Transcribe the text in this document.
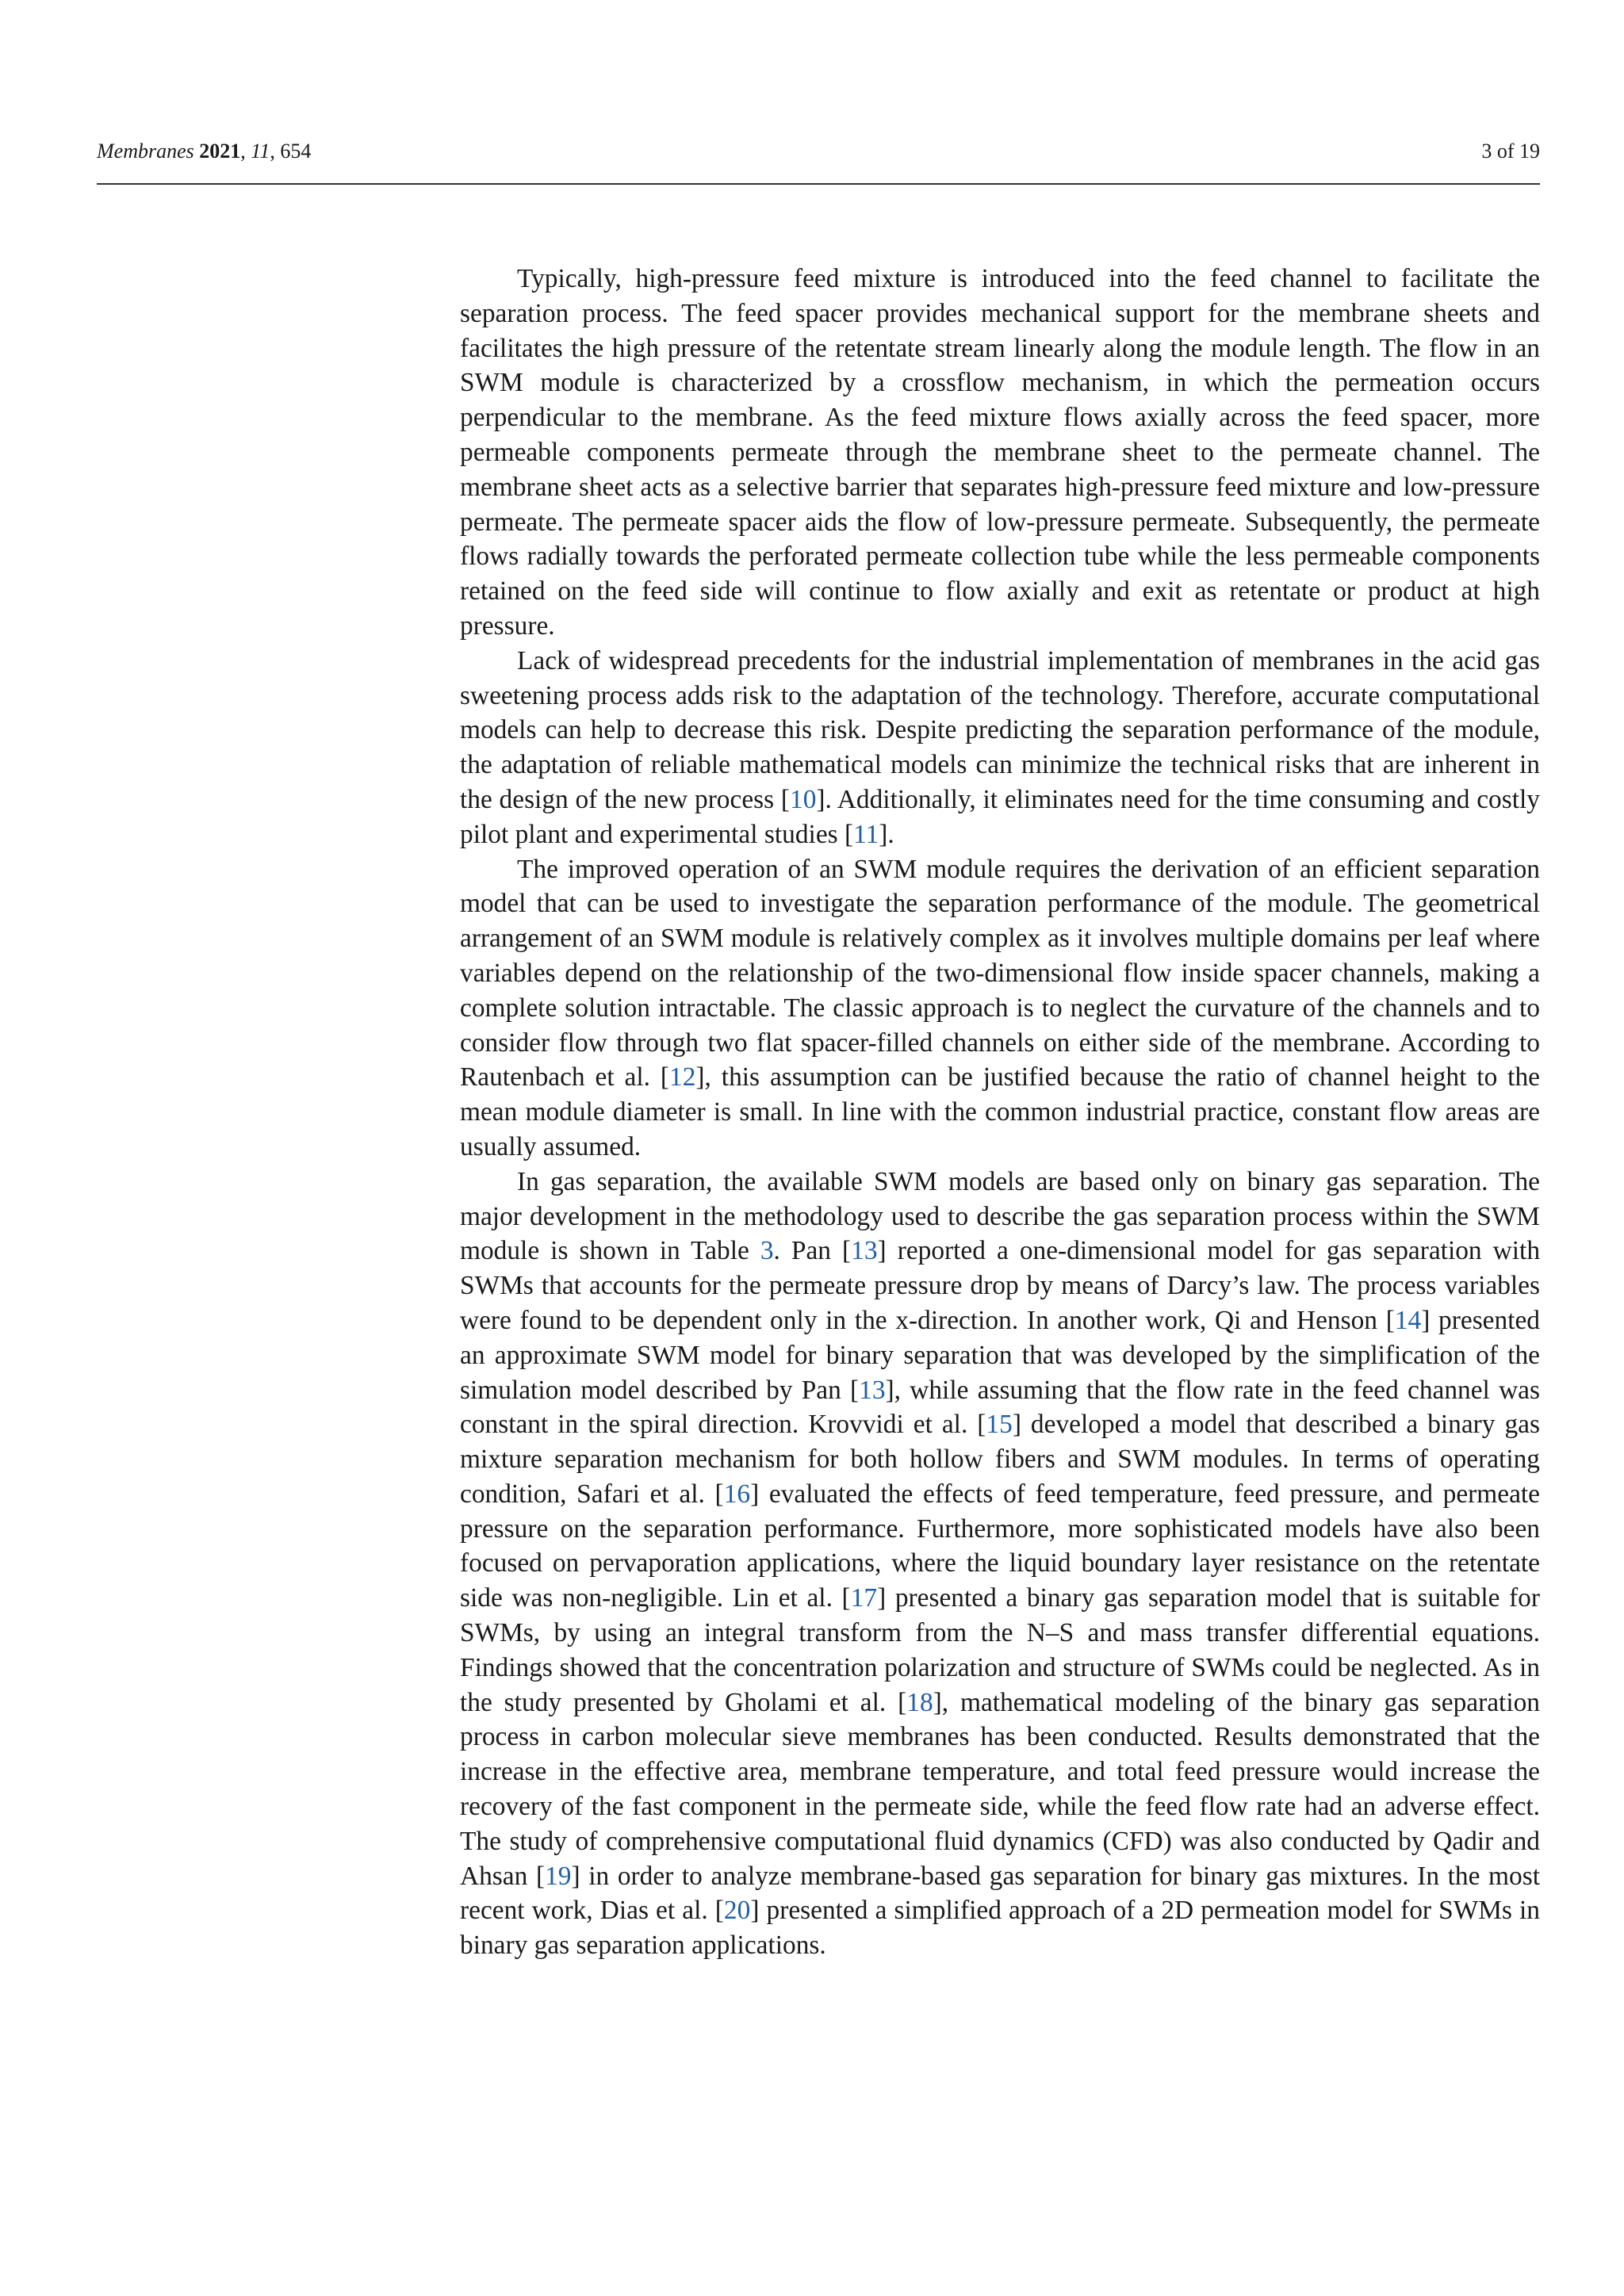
Membranes 2021, 11, 654	3 of 19

Typically, high-pressure feed mixture is introduced into the feed channel to facilitate the separation process. The feed spacer provides mechanical support for the membrane sheets and facilitates the high pressure of the retentate stream linearly along the module length. The flow in an SWM module is characterized by a crossflow mechanism, in which the permeation occurs perpendicular to the membrane. As the feed mixture flows axially across the feed spacer, more permeable components permeate through the membrane sheet to the permeate channel. The membrane sheet acts as a selective barrier that separates high-pressure feed mixture and low-pressure permeate. The permeate spacer aids the flow of low-pressure permeate. Subsequently, the permeate flows radially towards the perforated permeate collection tube while the less permeable components retained on the feed side will continue to flow axially and exit as retentate or product at high pressure.

Lack of widespread precedents for the industrial implementation of membranes in the acid gas sweetening process adds risk to the adaptation of the technology. Therefore, accurate computational models can help to decrease this risk. Despite predicting the separation performance of the module, the adaptation of reliable mathematical models can minimize the technical risks that are inherent in the design of the new process [10]. Additionally, it eliminates need for the time consuming and costly pilot plant and experimental studies [11].

The improved operation of an SWM module requires the derivation of an efficient separation model that can be used to investigate the separation performance of the module. The geometrical arrangement of an SWM module is relatively complex as it involves multiple domains per leaf where variables depend on the relationship of the two-dimensional flow inside spacer channels, making a complete solution intractable. The classic approach is to neglect the curvature of the channels and to consider flow through two flat spacer-filled channels on either side of the membrane. According to Rautenbach et al. [12], this assumption can be justified because the ratio of channel height to the mean module diameter is small. In line with the common industrial practice, constant flow areas are usually assumed.

In gas separation, the available SWM models are based only on binary gas separation. The major development in the methodology used to describe the gas separation process within the SWM module is shown in Table 3. Pan [13] reported a one-dimensional model for gas separation with SWMs that accounts for the permeate pressure drop by means of Darcy’s law. The process variables were found to be dependent only in the x-direction. In another work, Qi and Henson [14] presented an approximate SWM model for binary separation that was developed by the simplification of the simulation model described by Pan [13], while assuming that the flow rate in the feed channel was constant in the spiral direction. Krovvidi et al. [15] developed a model that described a binary gas mixture separation mechanism for both hollow fibers and SWM modules. In terms of operating condition, Safari et al. [16] evaluated the effects of feed temperature, feed pressure, and permeate pressure on the separation performance. Furthermore, more sophisticated models have also been focused on pervaporation applications, where the liquid boundary layer resistance on the retentate side was non-negligible. Lin et al. [17] presented a binary gas separation model that is suitable for SWMs, by using an integral transform from the N–S and mass transfer differential equations. Findings showed that the concentration polarization and structure of SWMs could be neglected. As in the study presented by Gholami et al. [18], mathematical modeling of the binary gas separation process in carbon molecular sieve membranes has been conducted. Results demonstrated that the increase in the effective area, membrane temperature, and total feed pressure would increase the recovery of the fast component in the permeate side, while the feed flow rate had an adverse effect. The study of comprehensive computational fluid dynamics (CFD) was also conducted by Qadir and Ahsan [19] in order to analyze membrane-based gas separation for binary gas mixtures. In the most recent work, Dias et al. [20] presented a simplified approach of a 2D permeation model for SWMs in binary gas separation applications.
